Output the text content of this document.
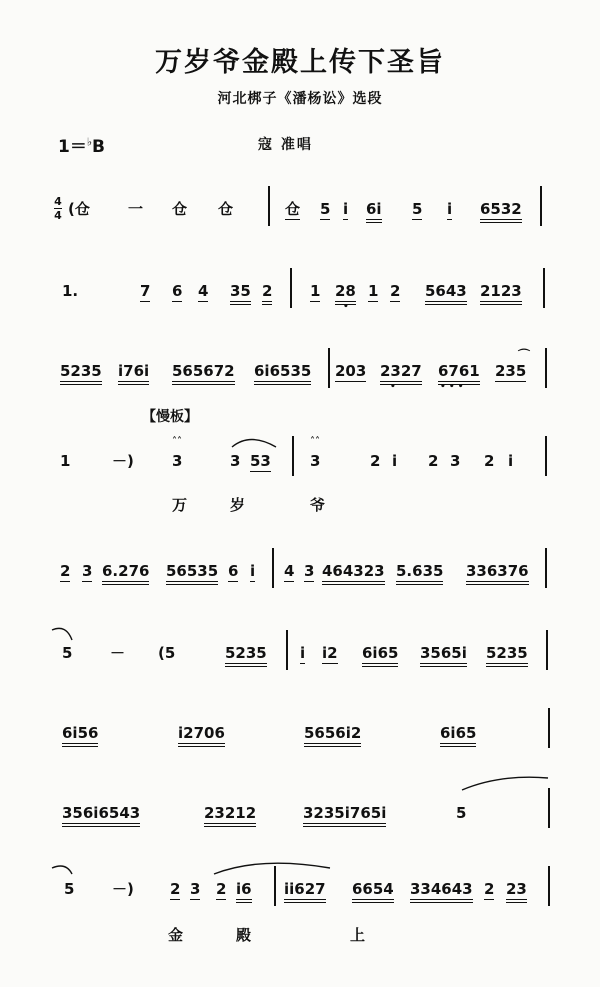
万岁爷金殿上传下圣旨
河北梆子《潘杨讼》选段
1＝♭B	寇 准唱
4
4
【慢板】
(仓	一 仓 仓	仓 5 i 6i 5 i 6532
1.	7 6 4 35 2	1 28 1 2 5643 2123
•
5235 i76i 565672 6i6535 203 2327 6761 235
•	• • •
⌒
1	－)	3	3 53	3	2 i 2 3 2 i
˄˄	˄˄
万	岁	爷
2 3 6.276 56535 6 i 4 3 464323 5.635 336376
5	－ (5	5235 i i2 6i65 3565i 5235
6i56	i2706	5656i2	6i65
356i6543	23212	3235i765i	5
5	－) 2 3 2 i6 ii627 6654 334643 2 23
金	殿	上
